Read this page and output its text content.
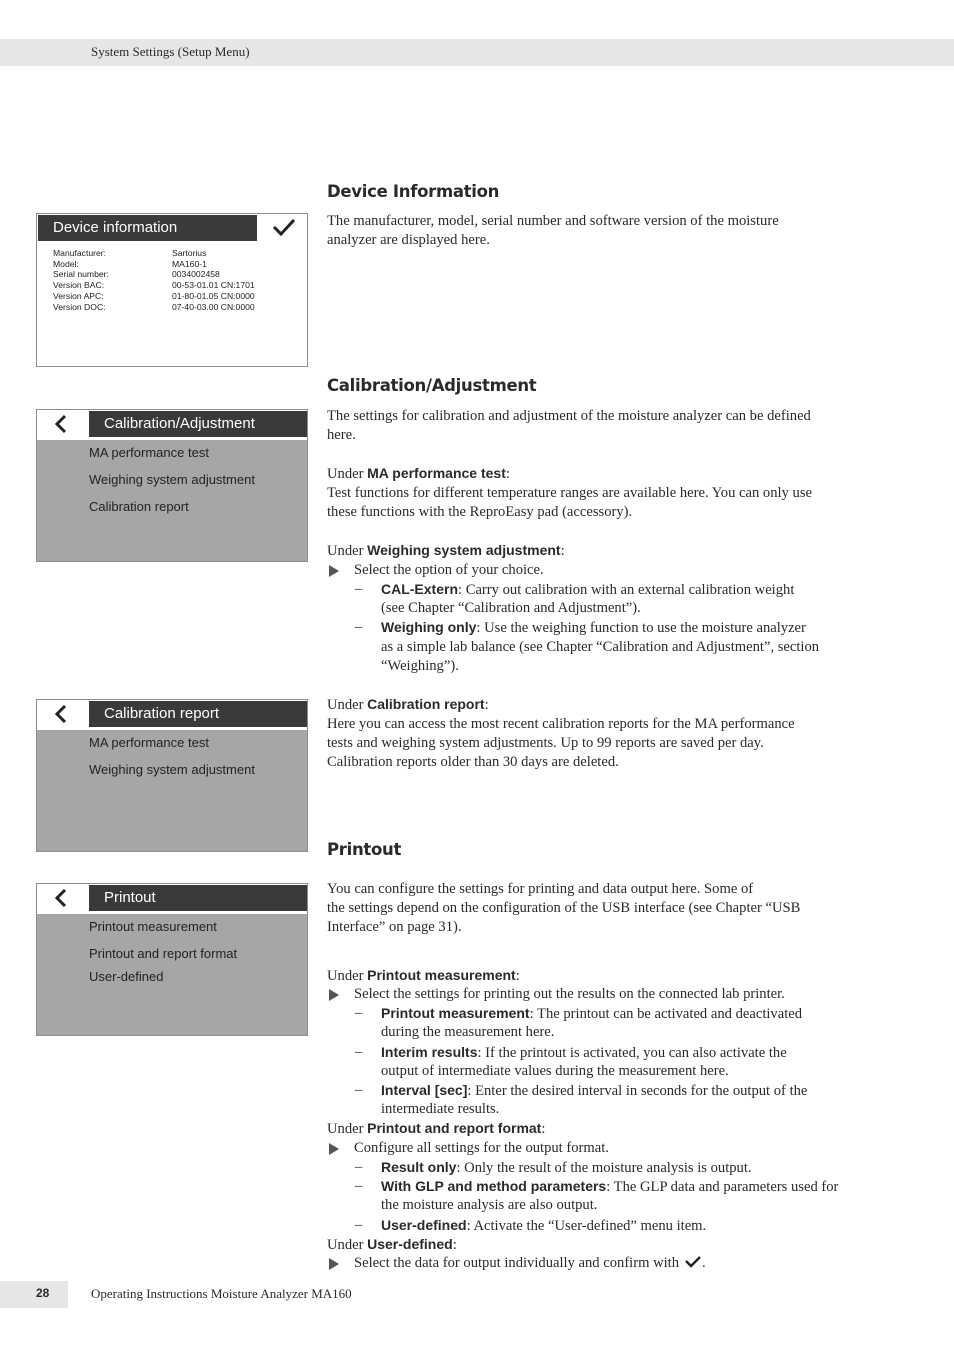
System Settings (Setup Menu)
Device information
Manufacturer:
Model:
Serial number:
Version BAC:
Version APC:
Version DOC:
Sartorius
MA160-1
0034002458
00-53-01.01 CN:1701
01-80-01.05 CN:0000
07-40-03.00 CN:0000
Calibration/Adjustment
MA performance test
Weighing system adjustment
Calibration report
Calibration report
MA performance test
Weighing system adjustment
Printout
Printout measurement
Printout and report format
User-defined
Device Information
The manufacturer, model, serial number and software version of the moisture
analyzer are displayed here.
Calibration/Adjustment
The settings for calibration and adjustment of the moisture analyzer can be defined
here.
Under MA performance test:
Test functions for different temperature ranges are available here. You can only use
these functions with the ReproEasy pad (accessory).
Under Weighing system adjustment:
Select the option of your choice.
– CAL-Extern: Carry out calibration with an external calibration weight
(see Chapter “Calibration and Adjustment”).
– Weighing only: Use the weighing function to use the moisture analyzer
as a simple lab balance (see Chapter “Calibration and Adjustment”, section
“Weighing”).
Under Calibration report:
Here you can access the most recent calibration reports for the MA performance
tests and weighing system adjustments. Up to 99 reports are saved per day.
Calibration reports older than 30 days are deleted.
Printout
You can configure the settings for printing and data output here. Some of
the settings depend on the configuration of the USB interface (see Chapter “USB
Interface” on page 31).
Under Printout measurement:
Select the settings for printing out the results on the connected lab printer.
– Printout measurement: The printout can be activated and deactivated
during the measurement here.
– Interim results: If the printout is activated, you can also activate the
output of intermediate values during the measurement here.
– Interval [sec]: Enter the desired interval in seconds for the output of the
intermediate results.
Under Printout and report format:
Configure all settings for the output format.
– Result only: Only the result of the moisture analysis is output.
– With GLP and method parameters: The GLP data and parameters used for
the moisture analysis are also output.
– User-defined: Activate the “User-defined” menu item.
Under User-defined:
Select the data for output individually and confirm with .
28	Operating Instructions Moisture Analyzer MA160
